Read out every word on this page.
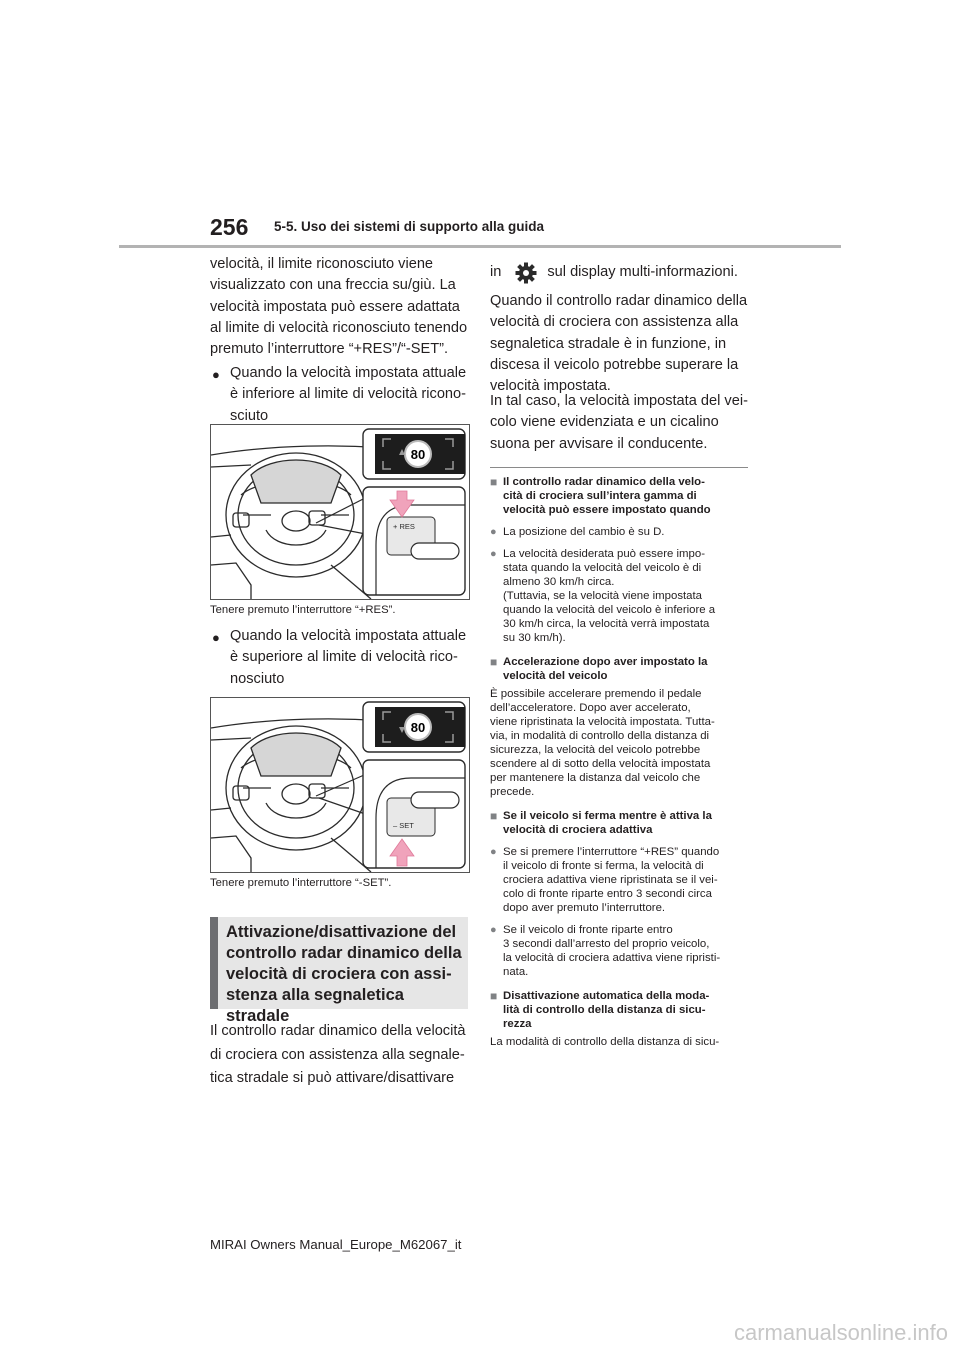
256 5-5. Uso dei sistemi di supporto alla guida
velocità, il limite riconosciuto viene
visualizzato con una freccia su/giù. La
velocità impostata può essere adattata
al limite di velocità riconosciuto tenendo
premuto l’interruttore “+RES”/“-SET”.
● Quando la velocità impostata attuale
è inferiore al limite di velocità ricono-
sciuto
80
+ RES
Tenere premuto l’interruttore “+RES”.
● Quando la velocità impostata attuale
è superiore al limite di velocità rico-
nosciuto
80
– SET
Tenere premuto l’interruttore “-SET”.
Attivazione/disattivazione del
controllo radar dinamico della
velocità di crociera con assi-
stenza alla segnaletica stradale
Il controllo radar dinamico della velocità
di crociera con assistenza alla segnale-
tica stradale si può attivare/disattivare
in	sul display multi-informazioni.
Quando il controllo radar dinamico della
velocità di crociera con assistenza alla
segnaletica stradale è in funzione, in
discesa il veicolo potrebbe superare la
velocità impostata.
In tal caso, la velocità impostata del vei-
colo viene evidenziata e un cicalino
suona per avvisare il conducente.
■ Il controllo radar dinamico della velo-
cità di crociera sull’intera gamma di
velocità può essere impostato quando
● La posizione del cambio è su D.
● La velocità desiderata può essere impo-
stata quando la velocità del veicolo è di
almeno 30 km/h circa.
(Tuttavia, se la velocità viene impostata
quando la velocità del veicolo è inferiore a
30 km/h circa, la velocità verrà impostata
su 30 km/h).
■ Accelerazione dopo aver impostato la
velocità del veicolo
È possibile accelerare premendo il pedale
dell’acceleratore. Dopo aver accelerato,
viene ripristinata la velocità impostata. Tutta-
via, in modalità di controllo della distanza di
sicurezza, la velocità del veicolo potrebbe
scendere al di sotto della velocità impostata
per mantenere la distanza dal veicolo che
precede.
■ Se il veicolo si ferma mentre è attiva la
velocità di crociera adattiva
● Se si premere l’interruttore “+RES” quando
il veicolo di fronte si ferma, la velocità di
crociera adattiva viene ripristinata se il vei-
colo di fronte riparte entro 3 secondi circa
dopo aver premuto l’interruttore.
● Se il veicolo di fronte riparte entro
3 secondi dall’arresto del proprio veicolo,
la velocità di crociera adattiva viene ripristi-
nata.
■ Disattivazione automatica della moda-
lità di controllo della distanza di sicu-
rezza
La modalità di controllo della distanza di sicu-
MIRAI Owners Manual_Europe_M62067_it
carmanualsonline.info
